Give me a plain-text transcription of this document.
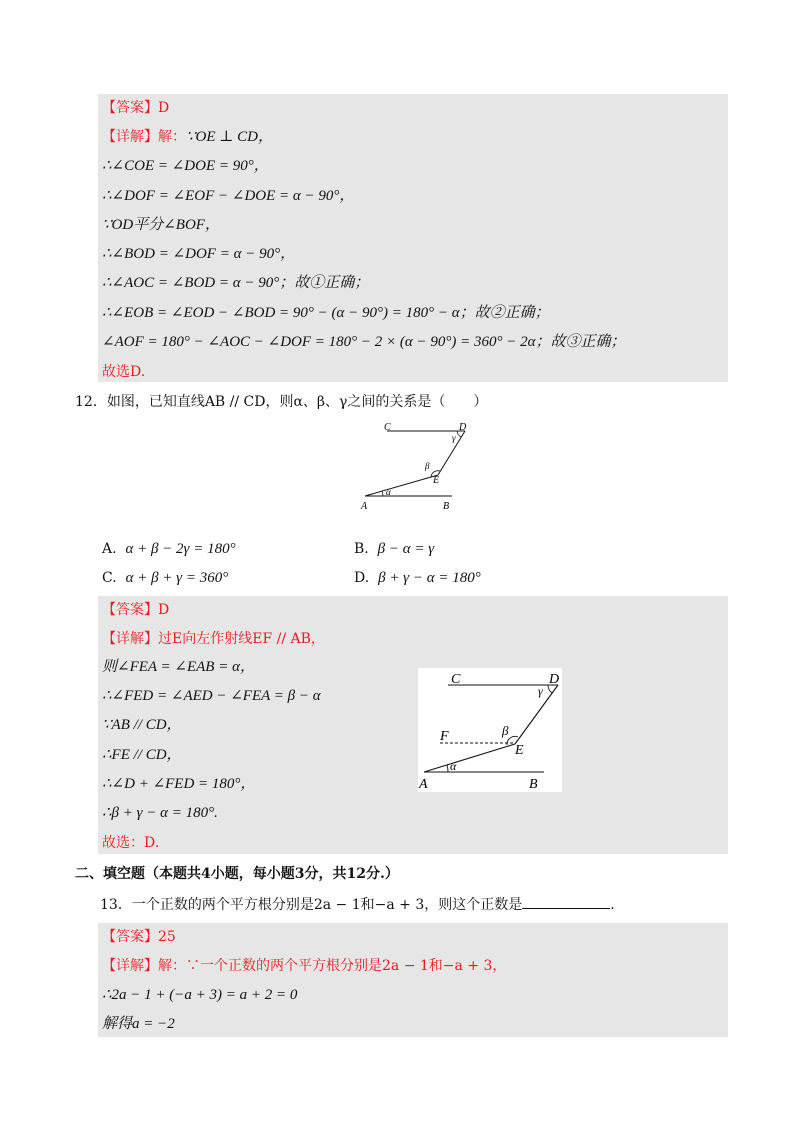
【答案】D
【详解】解：∵OE ⊥ CD，
∴∠COE = ∠DOE = 90°，
∴∠DOF = ∠EOF − ∠DOE = α − 90°，
∵OD平分∠BOF，
∴∠BOD = ∠DOF = α − 90°，
∴∠AOC = ∠BOD = α − 90°；故①正确；
∴∠EOB = ∠EOD − ∠BOD = 90° − (α − 90°) = 180° − α；故②正确；
∠AOF = 180° − ∠AOC − ∠DOF = 180° − 2 × (α − 90°) = 360° − 2α；故③正确；
故选D.
12．如图，已知直线AB // CD，则α、β、γ之间的关系是（　　）
C	D
γ
β
E
α
A	B
A. α + β − 2γ = 180°	B. β − α = γ
C. α + β + γ = 360°	D. β + γ − α = 180°
【答案】D
【详解】过E向左作射线EF // AB，
则∠FEA = ∠EAB = α，
∴∠FED = ∠AED − ∠FEA = β − α
∵AB // CD，
∴FE // CD，
∴∠D + ∠FED = 180°，
∴β + γ − α = 180°.
故选：D.
C	D
γ
F	β
E
α
A	B
二、填空题（本题共4小题，每小题3分，共12分.）
13．一个正数的两个平方根分别是2a − 1和−a + 3，则这个正数是	.
【答案】25
【详解】解：∵一个正数的两个平方根分别是2a − 1和−a + 3，
∴2a − 1 + (−a + 3) = a + 2 = 0
解得a = −2
